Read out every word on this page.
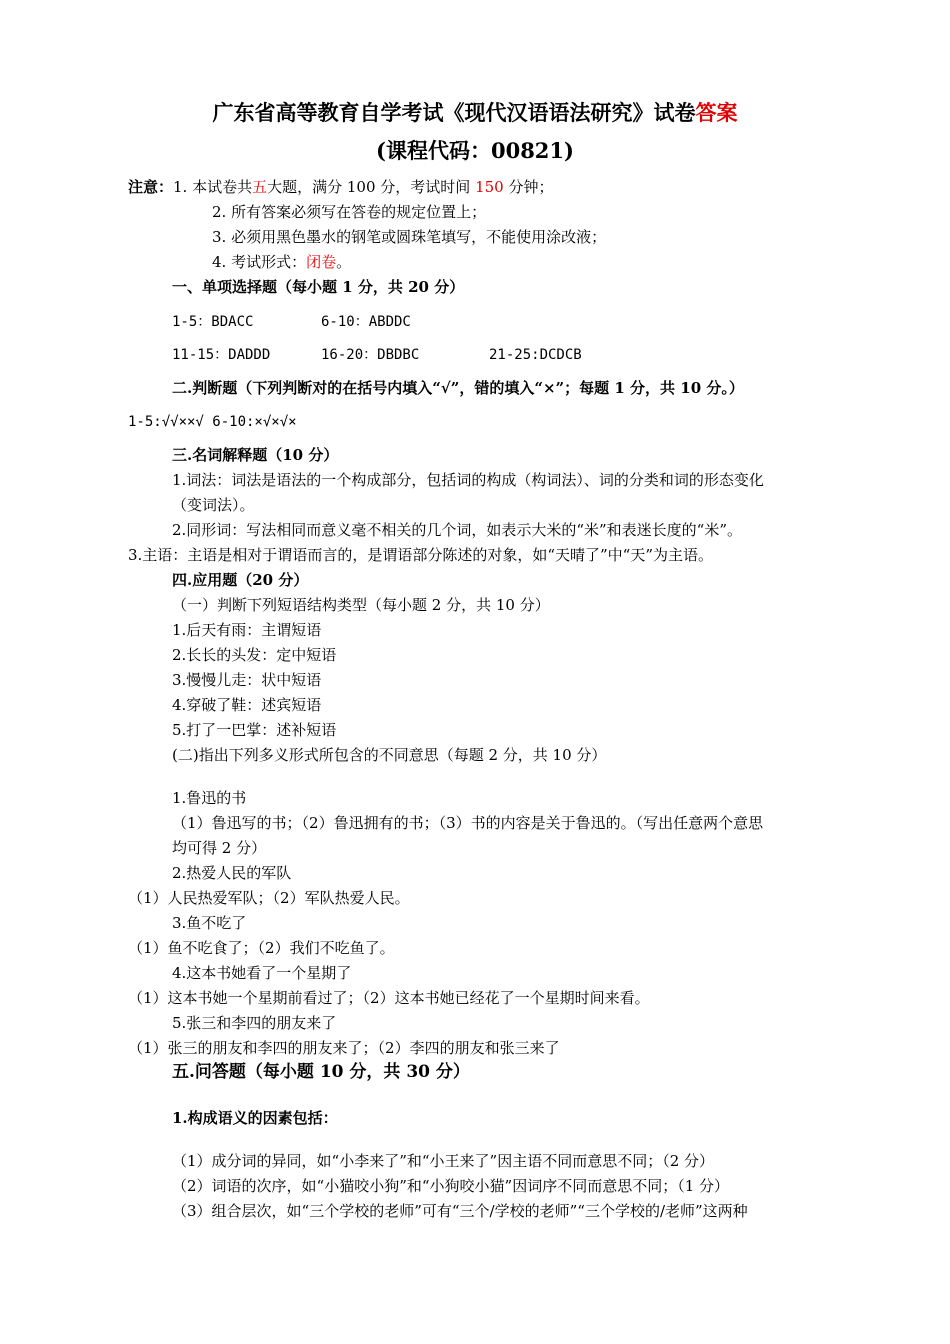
广东省高等教育自学考试《现代汉语语法研究》试卷答案
(课程代码：00821)
注意：1. 本试卷共五大题，满分 100 分，考试时间 150 分钟；
2. 所有答案必须写在答卷的规定位置上；
3. 必须用黑色墨水的钢笔或圆珠笔填写，不能使用涂改液；
4. 考试形式：闭卷。
一、单项选择题（每小题 1 分，共 20 分）
1-5：BDACC	6-10：ABDDC
11-15：DADDD	16-20：DBDBC	21-25:DCDCB
二.判断题（下列判断对的在括号内填入“√”，错的填入“×”；每题 1 分，共 10 分。）
1-5:√√××√ 6-10:×√×√×
三.名词解释题（10 分）
1.词法：词法是语法的一个构成部分，包括词的构成（构词法）、词的分类和词的形态变化
（变词法）。
2.同形词：写法相同而意义毫不相关的几个词，如表示大米的“米”和表迷长度的“米”。
3.主语：主语是相对于谓语而言的，是谓语部分陈述的对象，如“天晴了”中“天”为主语。
四.应用题（20 分）
（一）判断下列短语结构类型（每小题 2 分，共 10 分）
1.后天有雨：主谓短语
2.长长的头发：定中短语
3.慢慢儿走：状中短语
4.穿破了鞋：述宾短语
5.打了一巴掌：述补短语
(二)指出下列多义形式所包含的不同意思（每题 2 分，共 10 分）
1.鲁迅的书
（1）鲁迅写的书；（2）鲁迅拥有的书；（3）书的内容是关于鲁迅的。（写出任意两个意思
均可得 2 分）
2.热爱人民的军队
（1）人民热爱军队；（2）军队热爱人民。
3.鱼不吃了
（1）鱼不吃食了；（2）我们不吃鱼了。
4.这本书她看了一个星期了
（1）这本书她一个星期前看过了；（2）这本书她已经花了一个星期时间来看。
5.张三和李四的朋友来了
（1）张三的朋友和李四的朋友来了；（2）李四的朋友和张三来了
五.问答题（每小题 10 分，共 30 分）
1.构成语义的因素包括：
（1）成分词的异同，如“小李来了”和“小王来了”因主语不同而意思不同；（2 分）
（2）词语的次序，如“小猫咬小狗”和“小狗咬小猫”因词序不同而意思不同；（1 分）
（3）组合层次，如“三个学校的老师”可有“三个/学校的老师”“三个学校的/老师”这两种
